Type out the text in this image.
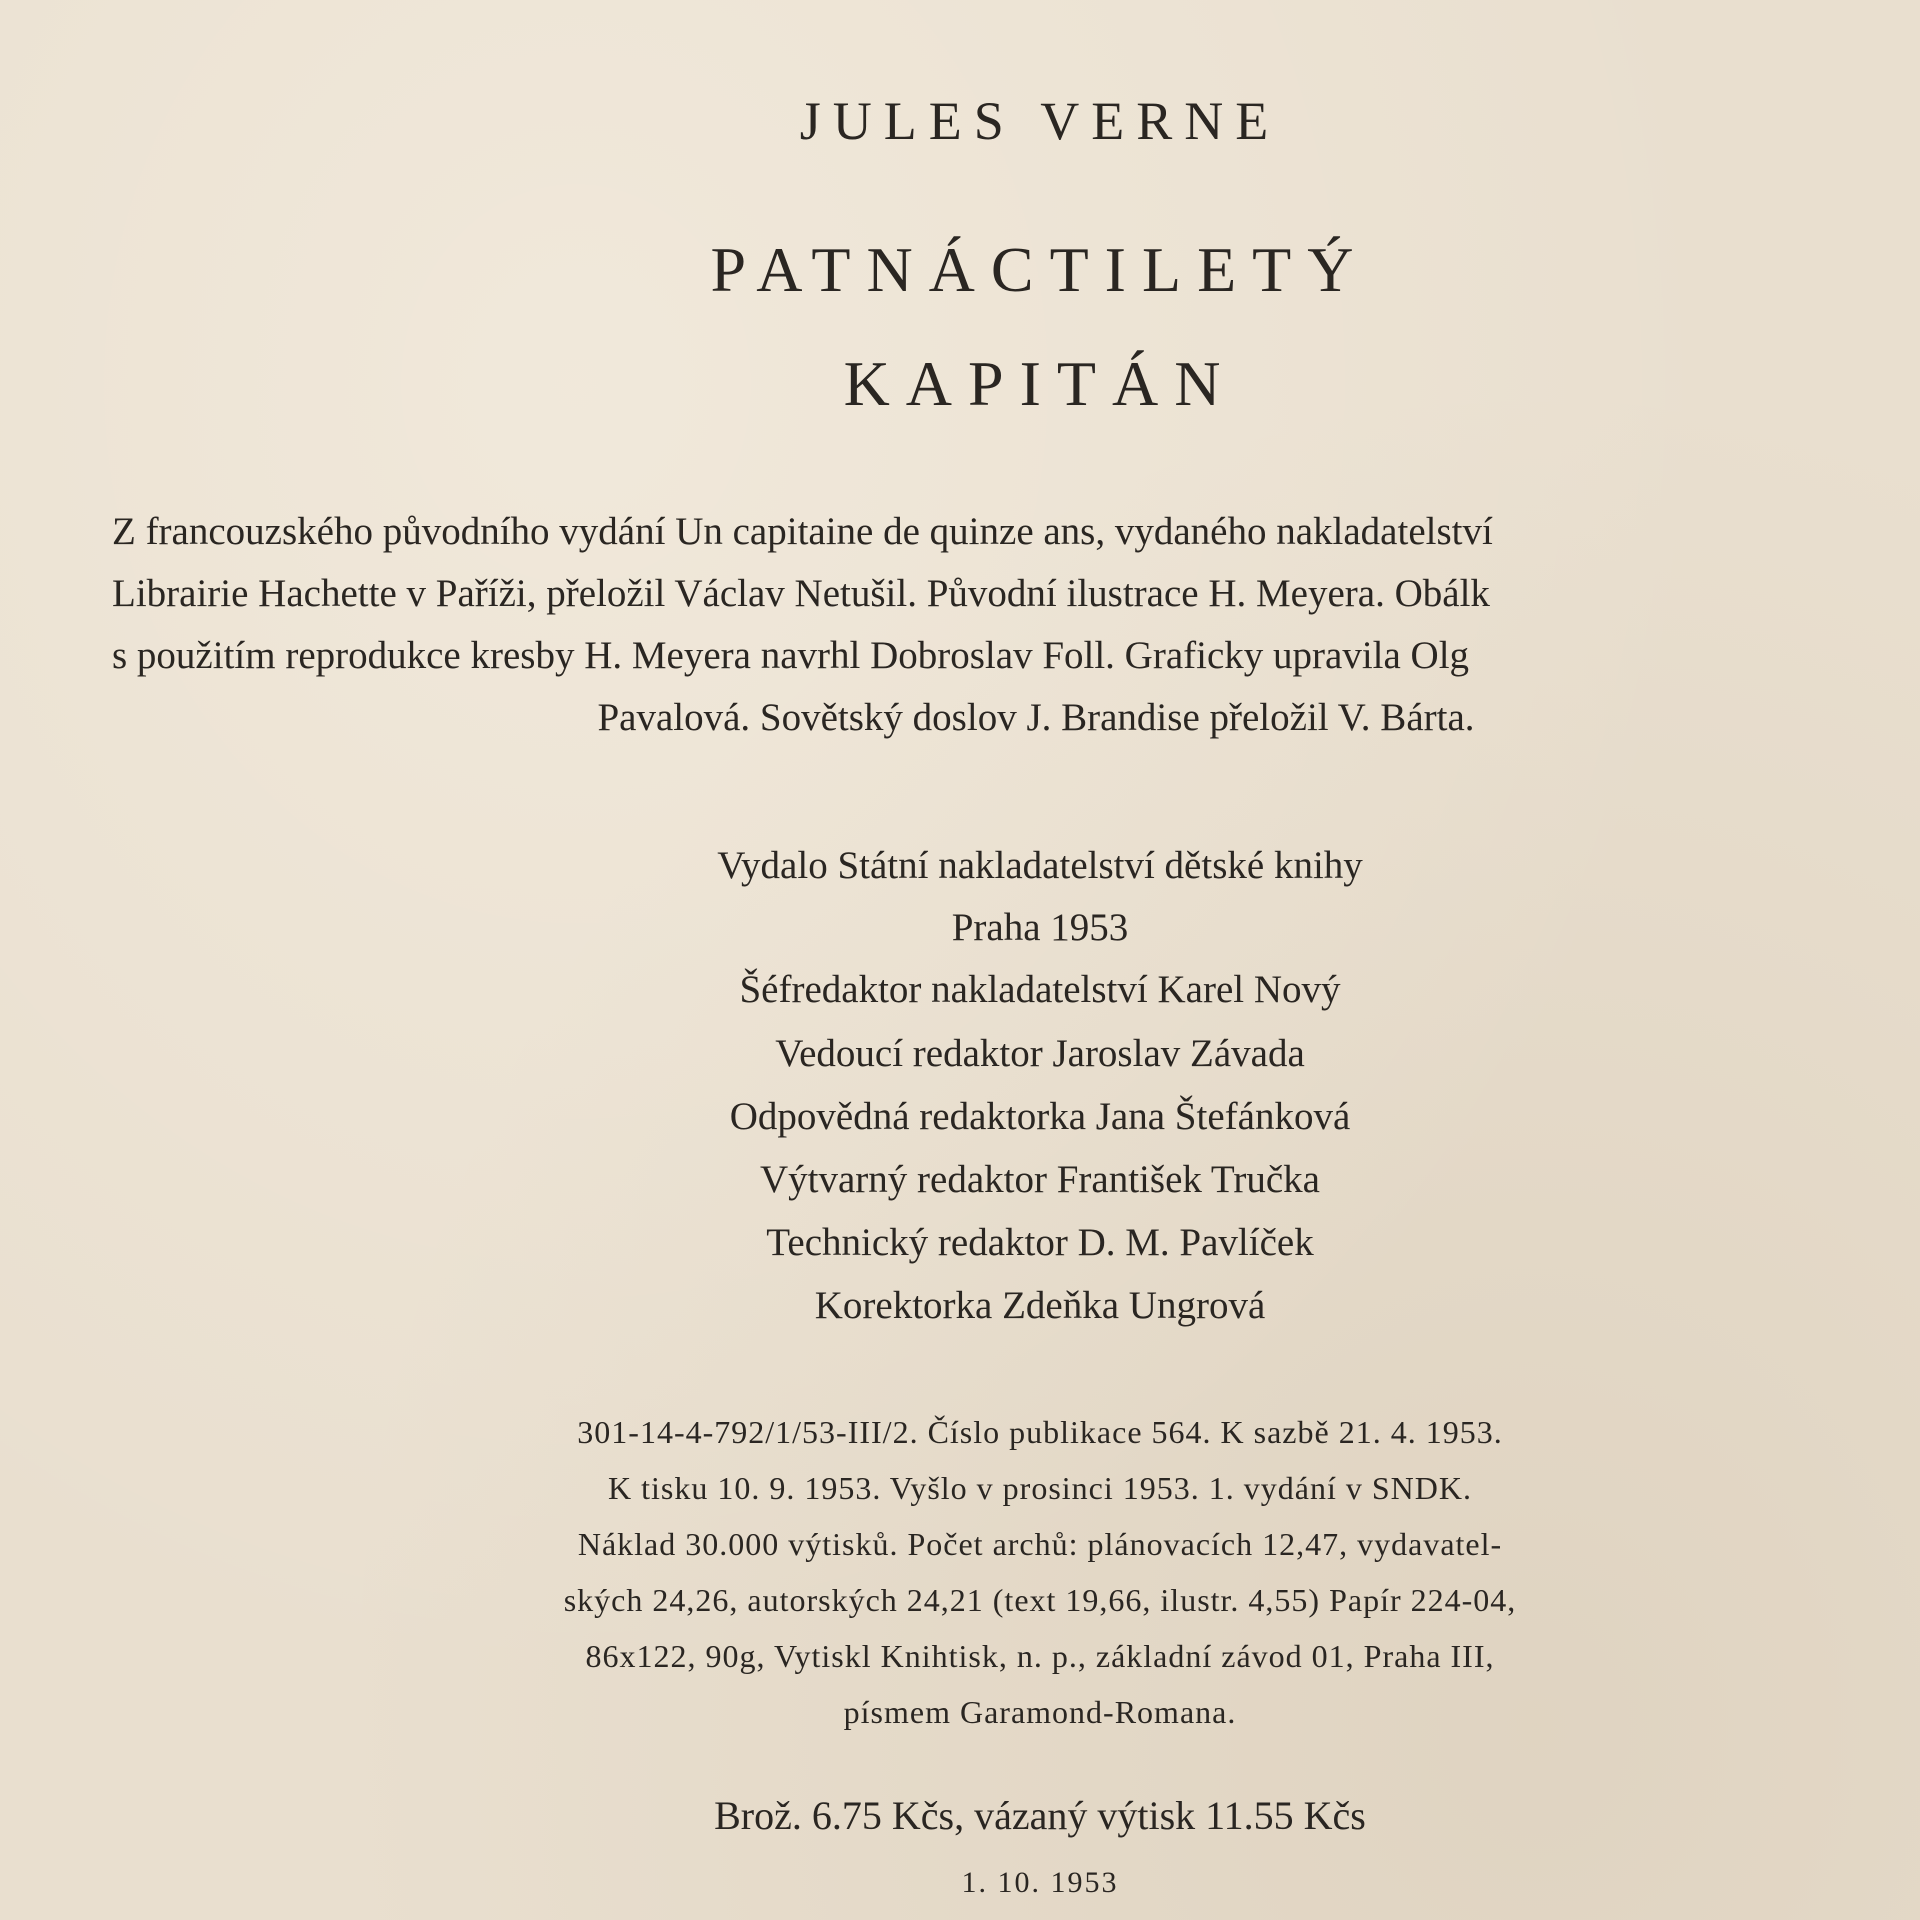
JULES VERNE

PATNÁCTILETÝ

KAPITÁN

Z francouzského původního vydání Un capitaine de quinze ans, vydaného nakladatelství

Librairie Hachette v Paříži, přeložil Václav Netušil. Původní ilustrace H. Meyera. Obálk

s použitím reprodukce kresby H. Meyera navrhl Dobroslav Foll. Graficky upravila Olg

Pavalová. Sovětský doslov J. Brandise přeložil V. Bárta.

Vydalo Státní nakladatelství dětské knihy

Praha 1953

Šéfredaktor nakladatelství Karel Nový

Vedoucí redaktor Jaroslav Závada

Odpovědná redaktorka Jana Štefánková

Výtvarný redaktor František Tručka

Technický redaktor D. M. Pavlíček

Korektorka Zdeňka Ungrová

301-14-4-792/1/53-III/2. Číslo publikace 564. K sazbě 21. 4. 1953.

K tisku 10. 9. 1953. Vyšlo v prosinci 1953. 1. vydání v SNDK.

Náklad 30.000 výtisků. Počet archů: plánovacích 12,47, vydavatel-

ských 24,26, autorských 24,21 (text 19,66, ilustr. 4,55) Papír 224-04,

86x122, 90g, Vytiskl Knihtisk, n. p., základní závod 01, Praha III,

písmem Garamond-Romana.

Brož. 6.75 Kčs, vázaný výtisk 11.55 Kčs

1. 10. 1953
